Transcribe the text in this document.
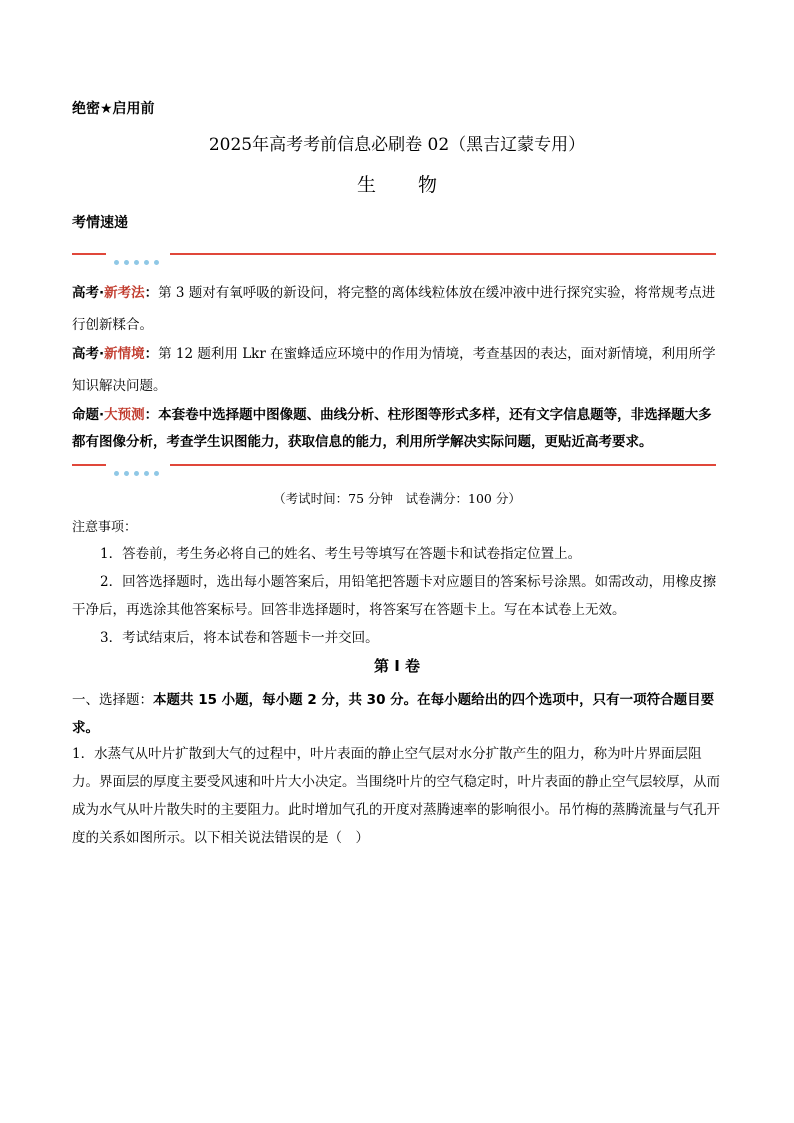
绝密★启用前
2025年高考考前信息必刷卷 02（黑吉辽蒙专用）
生 物
考情速递

高考·新考法：第 3 题对有氧呼吸的新设问，将完整的离体线粒体放在缓冲液中进行探究实验，将常规考点进行创新糅合。

高考·新情境：第 12 题利用 Lkr 在蜜蜂适应环境中的作用为情境，考查基因的表达，面对新情境，利用所学知识解决问题。

命题·大预测：本套卷中选择题中图像题、曲线分析、柱形图等形式多样，还有文字信息题等，非选择题大多都有图像分析，考查学生识图能力，获取信息的能力，利用所学解决实际问题，更贴近高考要求。

（考试时间：75 分钟　试卷满分：100 分）
注意事项：

1．答卷前，考生务必将自己的姓名、考生号等填写在答题卡和试卷指定位置上。

2．回答选择题时，选出每小题答案后，用铅笔把答题卡对应题目的答案标号涂黑。如需改动，用橡皮擦干净后，再选涂其他答案标号。回答非选择题时，将答案写在答题卡上。写在本试卷上无效。

3．考试结束后，将本试卷和答题卡一并交回。

第 I 卷

一、选择题：本题共 15 小题，每小题 2 分，共 30 分。在每小题给出的四个选项中，只有一项符合题目要求。

1．水蒸气从叶片扩散到大气的过程中，叶片表面的静止空气层对水分扩散产生的阻力，称为叶片界面层阻力。界面层的厚度主要受风速和叶片大小决定。当围绕叶片的空气稳定时，叶片表面的静止空气层较厚，从而成为水气从叶片散失时的主要阻力。此时增加气孔的开度对蒸腾速率的影响很小。吊竹梅的蒸腾流量与气孔开度的关系如图所示。以下相关说法错误的是（　）
